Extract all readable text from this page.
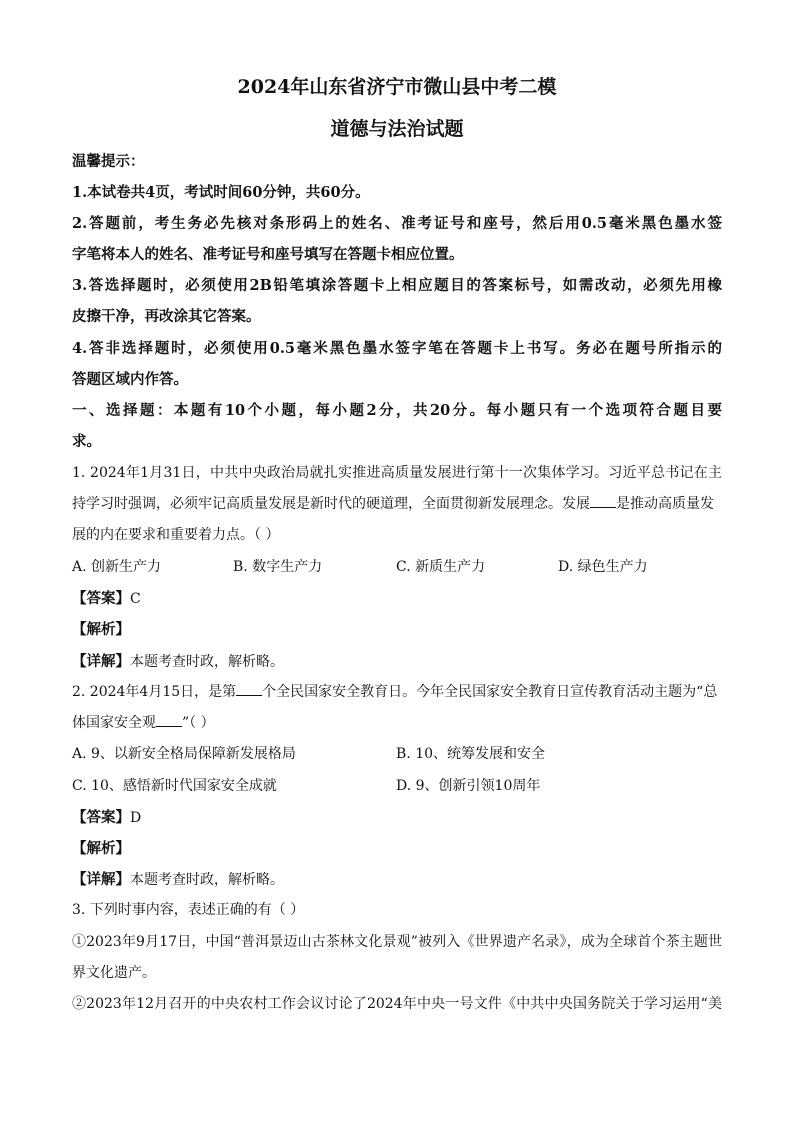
2024年山东省济宁市微山县中考二模
道德与法治试题
温馨提示：
1.本试卷共4页，考试时间60分钟，共60分。
2.答题前，考生务必先核对条形码上的姓名、准考证号和座号，然后用0.5毫米黑色墨水签
字笔将本人的姓名、准考证号和座号填写在答题卡相应位置。
3.答选择题时，必须使用2B铅笔填涂答题卡上相应题目的答案标号，如需改动，必须先用橡
皮擦干净，再改涂其它答案。
4.答非选择题时，必须使用0.5毫米黑色墨水签字笔在答题卡上书写。务必在题号所指示的
答题区域内作答。
一、选择题：本题有10个小题，每小题2分，共20分。每小题只有一个选项符合题目要
求。
1. 2024年1月31日，中共中央政治局就扎实推进高质量发展进行第十一次集体学习。习近平总书记在主
持学习时强调，必须牢记高质量发展是新时代的硬道理，全面贯彻新发展理念。发展 是推动高质量发
展的内在要求和重要着力点。（ ）
A. 创新生产力	B. 数字生产力	C. 新质生产力	D. 绿色生产力
【答案】C
【解析】
【详解】本题考查时政，解析略。
2. 2024年4月15日，是第 个全民国家安全教育日。今年全民国家安全教育日宣传教育活动主题为“总
体国家安全观 ”（ ）
A. 9、以新安全格局保障新发展格局	B. 10、统筹发展和安全
C. 10、感悟新时代国家安全成就	D. 9、创新引领10周年
【答案】D
【解析】
【详解】本题考查时政，解析略。
3. 下列时事内容，表述正确的有（ ）
①2023年9月17日，中国“普洱景迈山古茶林文化景观”被列入《世界遗产名录》，成为全球首个茶主题世
界文化遗产。
②2023年12月召开的中央农村工作会议讨论了2024年中央一号文件《中共中央国务院关于学习运用“美
